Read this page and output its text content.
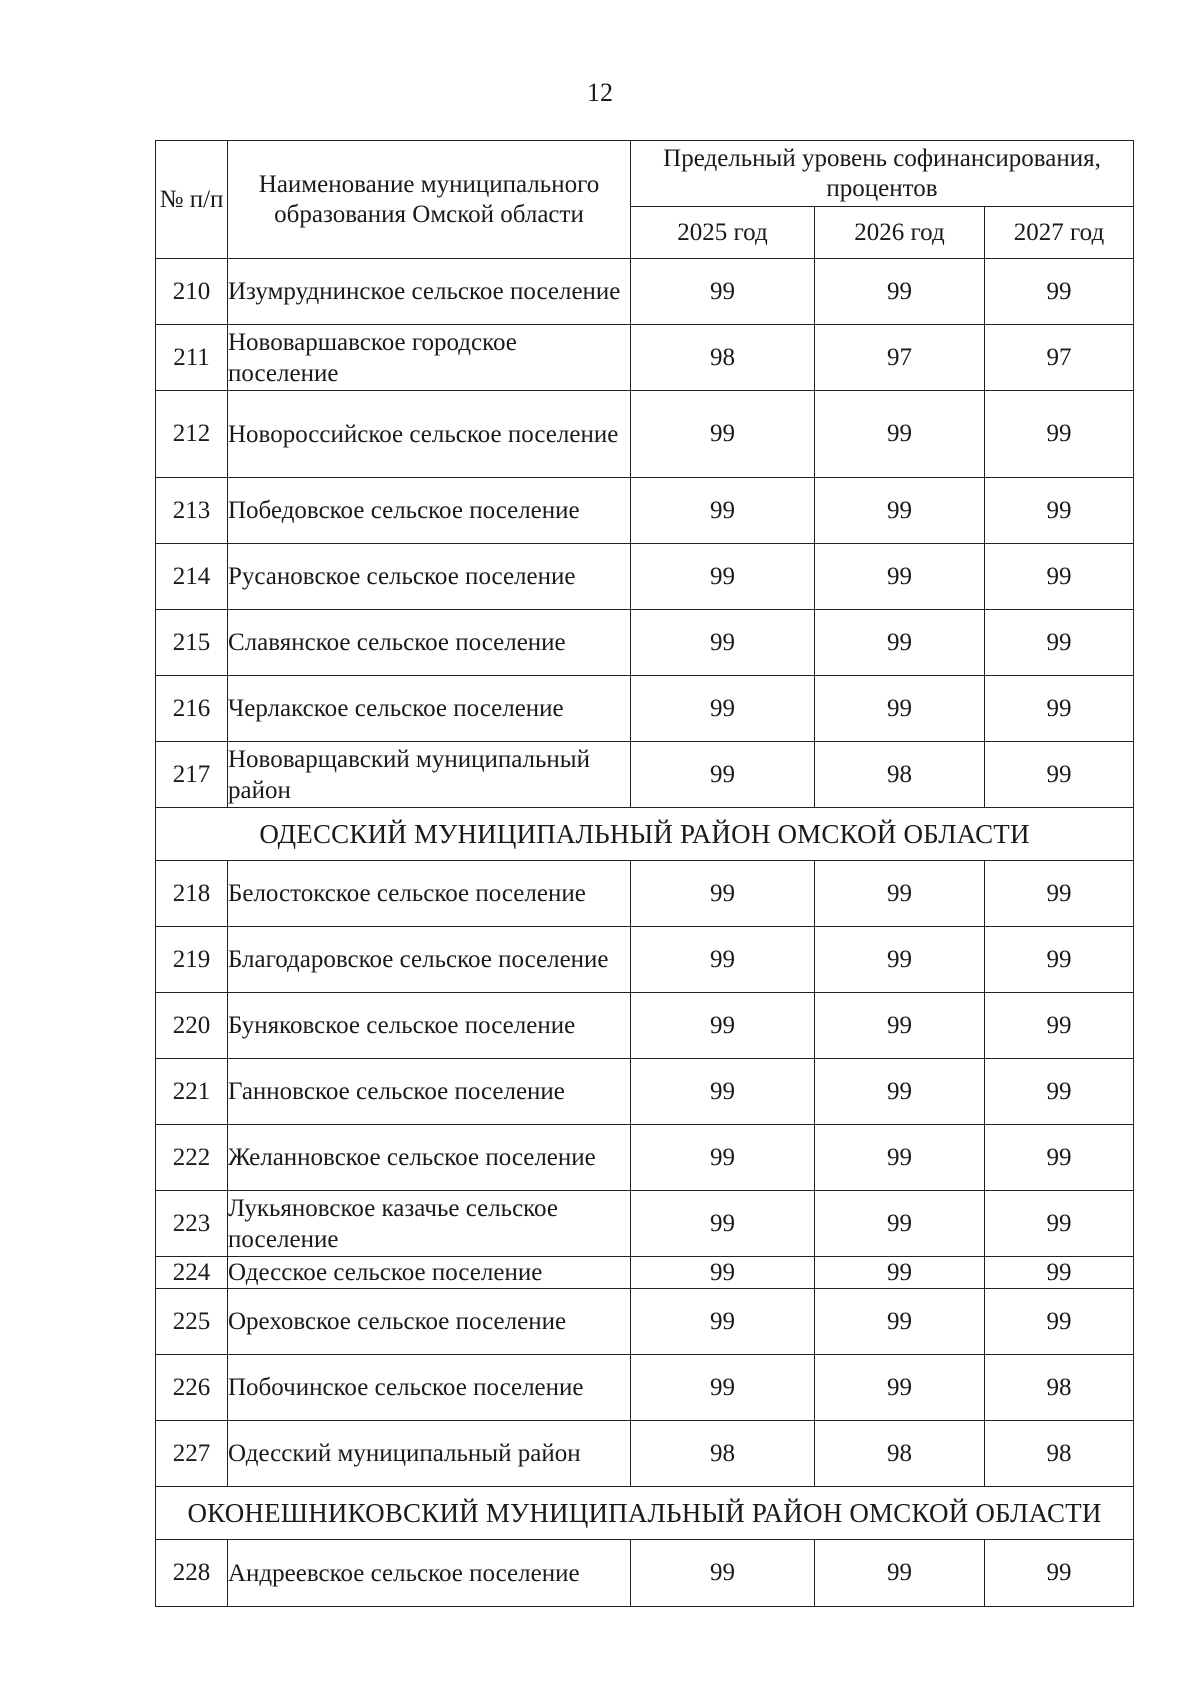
12
№ п/п	Наименование муниципального образования Омской области	Предельный уровень софинансирования, процентов		
		2025 год	2026 год	2027 год
210	Изумруднинское сельское поселение	99	99	99
211	Нововаршавское городское поселение	98	97	97
212	Новороссийское сельское поселение	99	99	99
213	Победовское сельское поселение	99	99	99
214	Русановское сельское поселение	99	99	99
215	Славянское сельское поселение	99	99	99
216	Черлакское сельское поселение	99	99	99
217	Нововарщавский муниципальный район	99	98	99
ОДЕССКИЙ МУНИЦИПАЛЬНЫЙ РАЙОН ОМСКОЙ ОБЛАСТИ				
218	Белостокское сельское поселение	99	99	99
219	Благодаровское сельское поселение	99	99	99
220	Буняковское сельское поселение	99	99	99
221	Ганновское сельское поселение	99	99	99
222	Желанновское сельское поселение	99	99	99
223	Лукьяновское казачье сельское поселение	99	99	99
224	Одесское сельское поселение	99	99	99
225	Ореховское сельское поселение	99	99	99
226	Побочинское сельское поселение	99	99	98
227	Одесский муниципальный район	98	98	98
ОКОНЕШНИКОВСКИЙ МУНИЦИПАЛЬНЫЙ РАЙОН ОМСКОЙ ОБЛАСТИ				
228	Андреевское сельское поселение	99	99	99
